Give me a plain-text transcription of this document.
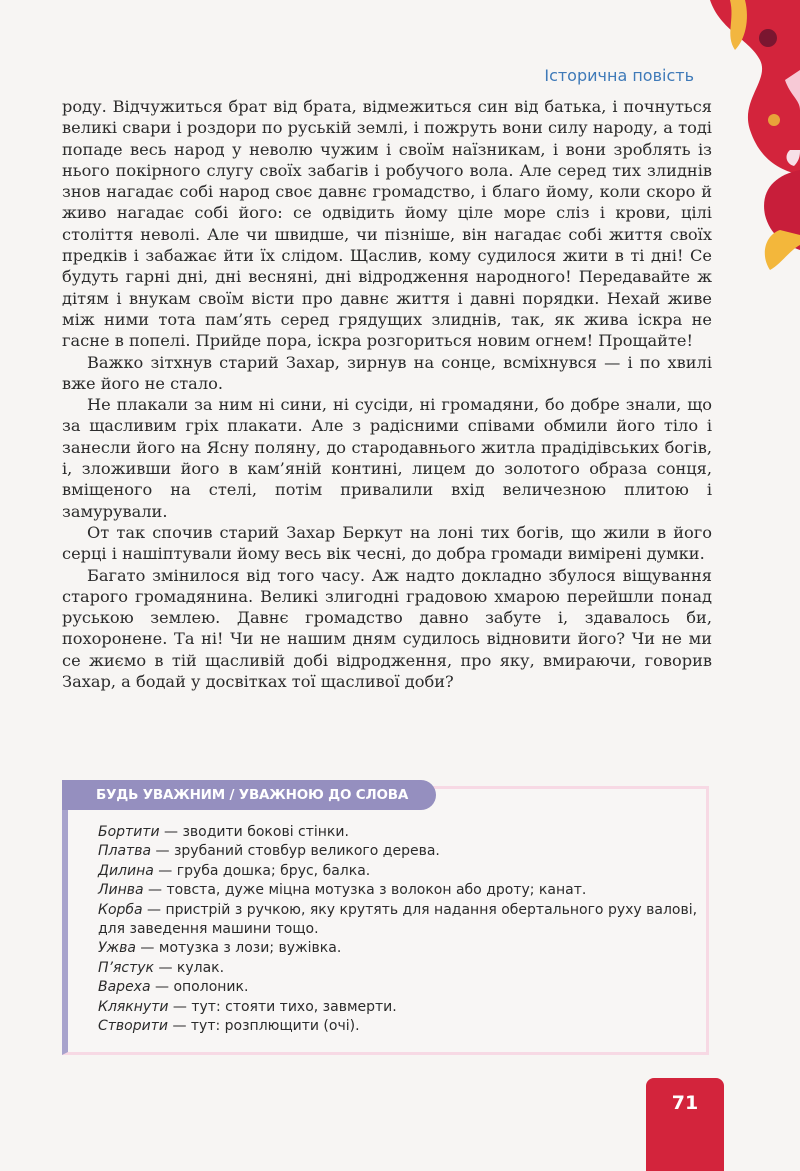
Історична повість

роду. Відчужиться брат від брата, відмежиться син від батька, і почнуться великі свари і роздори по руській землі, і пожруть вони силу народу, а тоді попаде весь народ у неволю чужим і своїм наїзникам, і вони зроблять із нього покірного слугу своїх забагів і робучого вола. Але серед тих злиднів знов нагадає собі народ своє давнє громадство, і благо йому, коли скоро й живо нагадає собі його: се одвідить йому ціле море сліз і крови, цілі століття неволі. Але чи швидше, чи пізніше, він нагадає собі життя своїх предків і забажає йти їх слідом. Щаслив, кому судилося жити в ті дні! Се будуть гарні дні, дні весняні, дні відродження народного! Передавайте ж дітям і внукам своїм вісти про давнє життя і давні порядки. Нехай живе між ними тота пам’ять серед грядущих злиднів, так, як жива іскра не гасне в попелі. Прийде пора, іскра розгориться новим огнем! Прощайте!

Важко зітхнув старий Захар, зирнув на сонце, всміхнувся — і по хвилі вже його не стало.

Не плакали за ним ні сини, ні сусіди, ні громадяни, бо добре знали, що за щасливим гріх плакати. Але з радісними співами обмили його тіло і занесли його на Ясну поляну, до стародавнього житла прадідівських богів, і, зложивши його в кам’яній контині, лицем до золотого образа сонця, вміщеного на стелі, потім привалили вхід величезною плитою і замурували.

От так спочив старий Захар Беркут на лоні тих богів, що жили в його серці і нашіптували йому весь вік чесні, до добра громади вимірені думки.

Багато змінилося від того часу. Аж надто докладно збулося віщування старого громадянина. Великі злигодні градовою хмарою перейшли понад руською землею. Давнє громадство давно забуте і, здавалось би, похоронене. Та ні! Чи не нашим дням судилось відновити його? Чи не ми се жиємо в тій щасливій добі відродження, про яку, вмираючи, говорив Захар, а бодай у досвітках тої щасливої доби?

БУДЬ УВАЖНИМ / УВАЖНОЮ ДО СЛОВА

Бортити — зводити бокові стінки.

Платва — зрубаний стовбур великого дерева.

Дилина — груба дошка; брус, балка.

Линва — товста, дуже міцна мотузка з волокон або дроту; канат.

Корба — пристрій з ручкою, яку крутять для надання обертального руху валові, для заведення машини тощо.

Ужва — мотузка з лози; вужівка.

П’ястук — кулак.

Вареха — ополоник.

Клякнути — тут: стояти тихо, завмерти.

Створити — тут: розплющити (очі).

71
